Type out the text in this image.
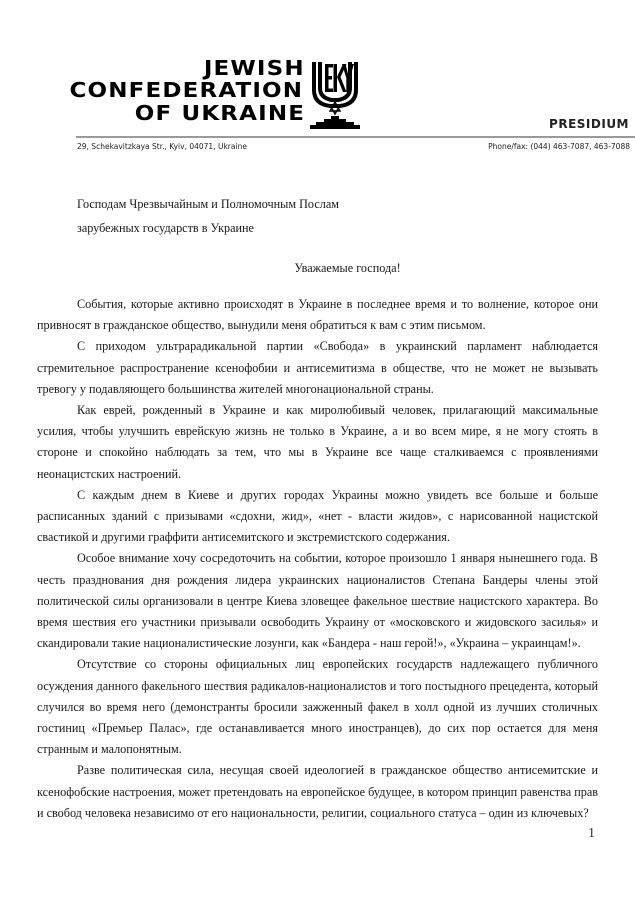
JEWISH
CONFEDERATION
OF UKRAINE	PRESIDIUM
29, Schekavitzkaya Str., Kyiv, 04071, Ukraine	Phone/fax: (044) 463-7087, 463-7088

Господам Чрезвычайным и Полномочным Послам

зарубежных государств в Украине

Уважаемые господа!

События, которые активно происходят в Украине в последнее время и то волнение, которое они привносят в гражданское общество, вынудили меня обратиться к вам с этим письмом.

С приходом ультрарадикальной партии «Свобода» в украинский парламент наблюдается стремительное распространение ксенофобии и антисемитизма в обществе, что не может не вызывать тревогу у подавляющего большинства жителей многонациональной страны.

Как еврей, рожденный в Украине и как миролюбивый человек, прилагающий максимальные усилия, чтобы улучшить еврейскую жизнь не только в Украине, а и во всем мире, я не могу стоять в стороне и спокойно наблюдать за тем, что мы в Украине все чаще сталкиваемся с проявлениями неонацистских настроений.

С каждым днем в Киеве и других городах Украины можно увидеть все больше и больше расписанных зданий с призывами «сдохни, жид», «нет - власти жидов», с нарисованной нацистской свастикой и другими граффити антисемитского и экстремистского содержания.

Особое внимание хочу сосредоточить на событии, которое произошло 1 января нынешнего года. В честь празднования дня рождения лидера украинских националистов Степана Бандеры члены этой политической силы организовали в центре Киева зловещее факельное шествие нацистского характера. Во время шествия его участники призывали освободить Украину от «московского и жидовского засилья» и скандировали такие националистические лозунги, как «Бандера - наш герой!», «Украина – украинцам!».

Отсутствие со стороны официальных лиц европейских государств надлежащего публичного осуждения данного факельного шествия радикалов-националистов и того постыдного прецедента, который случился во время него (демонстранты бросили зажженный факел в холл одной из лучших столичных гостиниц «Премьер Палас», где останавливается много иностранцев), до сих пор остается для меня странным и малопонятным.

Разве политическая сила, несущая своей идеологией в гражданское общество антисемитские и ксенофобские настроения, может претендовать на европейское будущее, в котором принцип равенства прав и свобод человека независимо от его национальности, религии, социального статуса – один из ключевых?

1
